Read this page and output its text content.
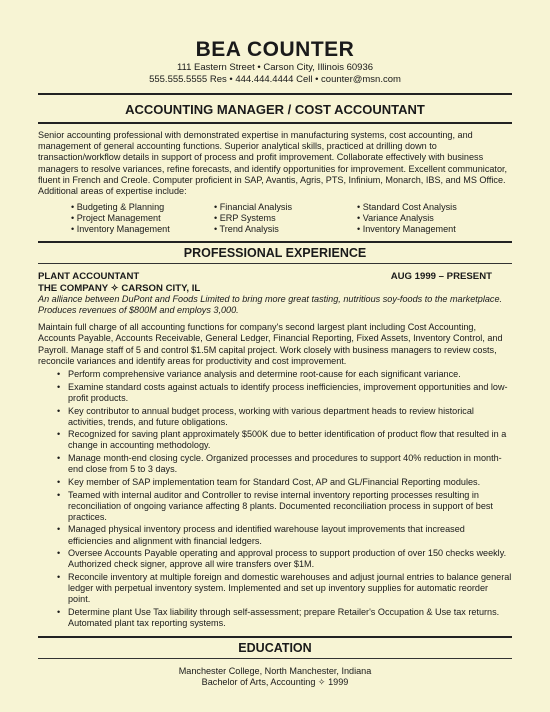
BEA COUNTER
111 Eastern Street • Carson City, Illinois 60936
555.555.5555 Res • 444.444.4444 Cell • counter@msn.com
ACCOUNTING MANAGER / COST ACCOUNTANT

Senior accounting professional with demonstrated expertise in manufacturing systems, cost accounting, and management of general accounting functions. Superior analytical skills, practiced at drilling down to transaction/workflow details in support of process and profit improvement. Collaborate effectively with business managers to resolve variances, refine forecasts, and identify opportunities for improvement. Excellent communicator, fluent in French and Creole. Computer proficient in SAP, Avantis, Agris, PTS, Infinium, Monarch, IBS, and MS Office. Additional areas of expertise include:

• Budgeting & Planning
• Project Management
• Inventory Management
• Financial Analysis
• ERP Systems
• Trend Analysis
• Standard Cost Analysis
• Variance Analysis
• Inventory Management
PROFESSIONAL EXPERIENCE
PLANT ACCOUNTANT	AUG 1999 – PRESENT
THE COMPANY ✧ CARSON CITY, IL

An alliance between DuPont and Foods Limited to bring more great tasting, nutritious soy-foods to the marketplace. Produces revenues of $800M and employs 3,000.

Maintain full charge of all accounting functions for company's second largest plant including Cost Accounting, Accounts Payable, Accounts Receivable, General Ledger, Financial Reporting, Fixed Assets, Inventory Control, and Payroll. Manage staff of 5 and control $1.5M capital project. Work closely with business managers to review costs, reconcile variances and identify areas for productivity and cost improvement.

• Perform comprehensive variance analysis and determine root-cause for each significant variance.
• Examine standard costs against actuals to identify process inefficiencies, improvement opportunities and low-profit products.
• Key contributor to annual budget process, working with various department heads to review historical activities, trends, and future obligations.
• Recognized for saving plant approximately $500K due to better identification of product flow that resulted in a change in accounting methodology.
• Manage month-end closing cycle. Organized processes and procedures to support 40% reduction in month-end close from 5 to 3 days.
• Key member of SAP implementation team for Standard Cost, AP and GL/Financial Reporting modules.
• Teamed with internal auditor and Controller to revise internal inventory reporting processes resulting in reconciliation of ongoing variance affecting 8 plants. Documented reconciliation process in support of best practices.
• Managed physical inventory process and identified warehouse layout improvements that increased efficiencies and alignment with financial ledgers.
• Oversee Accounts Payable operating and approval process to support production of over 150 checks weekly. Authorized check signer, approve all wire transfers over $1M.
• Reconcile inventory at multiple foreign and domestic warehouses and adjust journal entries to balance general ledger with perpetual inventory system. Implemented and set up inventory supplies for automatic reorder point.
• Determine plant Use Tax liability through self-assessment; prepare Retailer's Occupation & Use tax returns. Automated plant tax reporting systems.
EDUCATION
Manchester College, North Manchester, Indiana
Bachelor of Arts, Accounting ✧ 1999
